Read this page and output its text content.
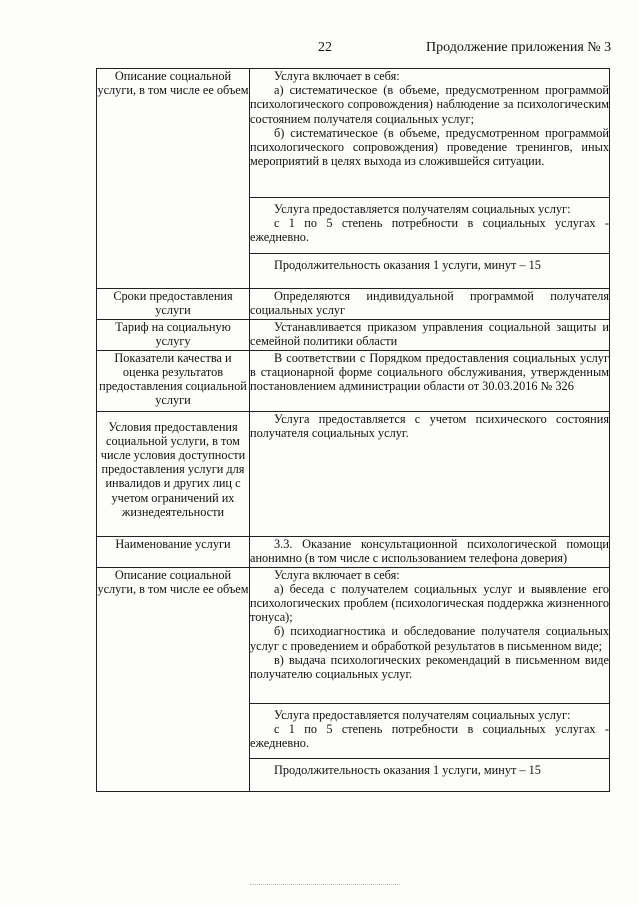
22	Продолжение приложения № 3
Описание социальной услуги, в том числе ее объем	Услуга включает в себя:

а) систематическое (в объеме, предусмотренном программой психологического сопровождения) наблюдение за психологическим состоянием получателя социальных услуг;

б) систематическое (в объеме, предусмотренном программой психологического сопровождения) проведение тренингов, иных мероприятий в целях выхода из сложившейся ситуации.

	Услуга предоставляется получателям социальных услуг:

с 1 по 5 степень потребности в социальных услугах - ежедневно.

	Продолжительность оказания 1 услуги, минут – 15

Сроки предоставления услуги	Определяются индивидуальной программой получателя социальных услуг

Тариф на социальную услугу	Устанавливается приказом управления социальной защиты и семейной политики области

Показатели качества и оценка результатов предоставления социальной услуги	В соответствии с Порядком предоставления социальных услуг в стационарной форме социального обслуживания, утвержденным постановлением администрации области от 30.03.2016 № 326

Условия предоставления социальной услуги, в том числе условия доступности предоставления услуги для инвалидов и других лиц с учетом ограничений их жизнедеятельности	Услуга предоставляется с учетом психического состояния получателя социальных услуг.

Наименование услуги	3.3. Оказание консультационной психологической помощи анонимно (в том числе с использованием телефона доверия)

Описание социальной услуги, в том числе ее объем	Услуга включает в себя:

а) беседа с получателем социальных услуг и выявление его психологических проблем (психологическая поддержка жизненного тонуса);

б) психодиагностика и обследование получателя социальных услуг с проведением и обработкой результатов в письменном виде;

в) выдача психологических рекомендаций в письменном виде получателю социальных услуг.

	Услуга предоставляется получателям социальных услуг:

с 1 по 5 степень потребности в социальных услугах - ежедневно.

	Продолжительность оказания 1 услуги, минут – 15
